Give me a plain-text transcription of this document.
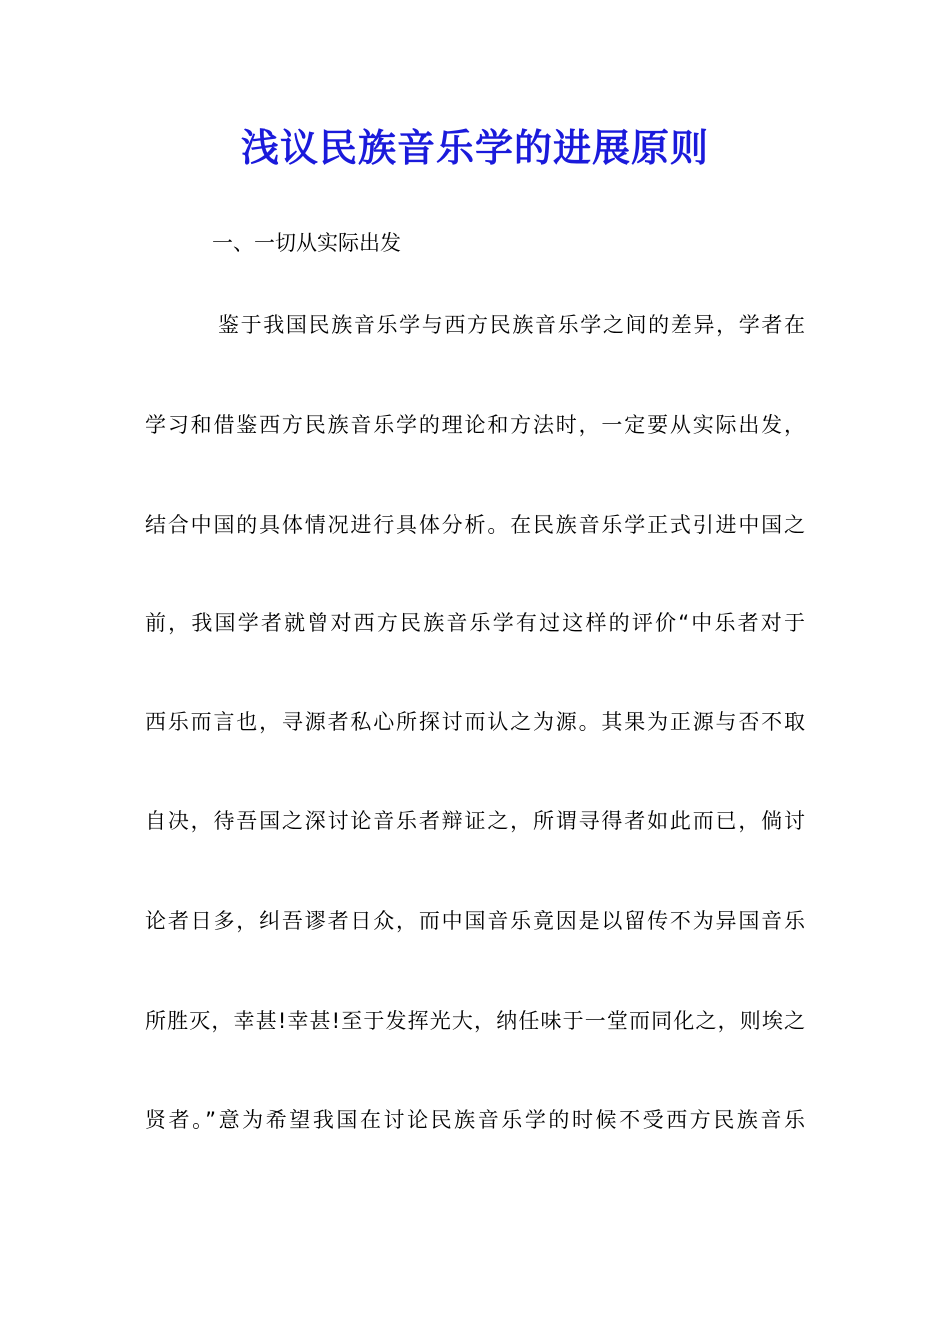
浅议民族音乐学的进展原则
一、一切从实际出发
鉴于我国民族音乐学与西方民族音乐学之间的差异，学者在
学习和借鉴西方民族音乐学的理论和方法时，一定要从实际出发，
结合中国的具体情况进行具体分析。在民族音乐学正式引进中国之
前，我国学者就曾对西方民族音乐学有过这样的评价“中乐者对于
西乐而言也，寻源者私心所探讨而认之为源。其果为正源与否不取
自决，待吾国之深讨论音乐者辩证之，所谓寻得者如此而已，倘讨
论者日多，纠吾谬者日众，而中国音乐竟因是以留传不为异国音乐
所胜灭，幸甚!幸甚!至于发挥光大，纳任味于一堂而同化之，则埃之
贤者。”意为希望我国在讨论民族音乐学的时候不受西方民族音乐
